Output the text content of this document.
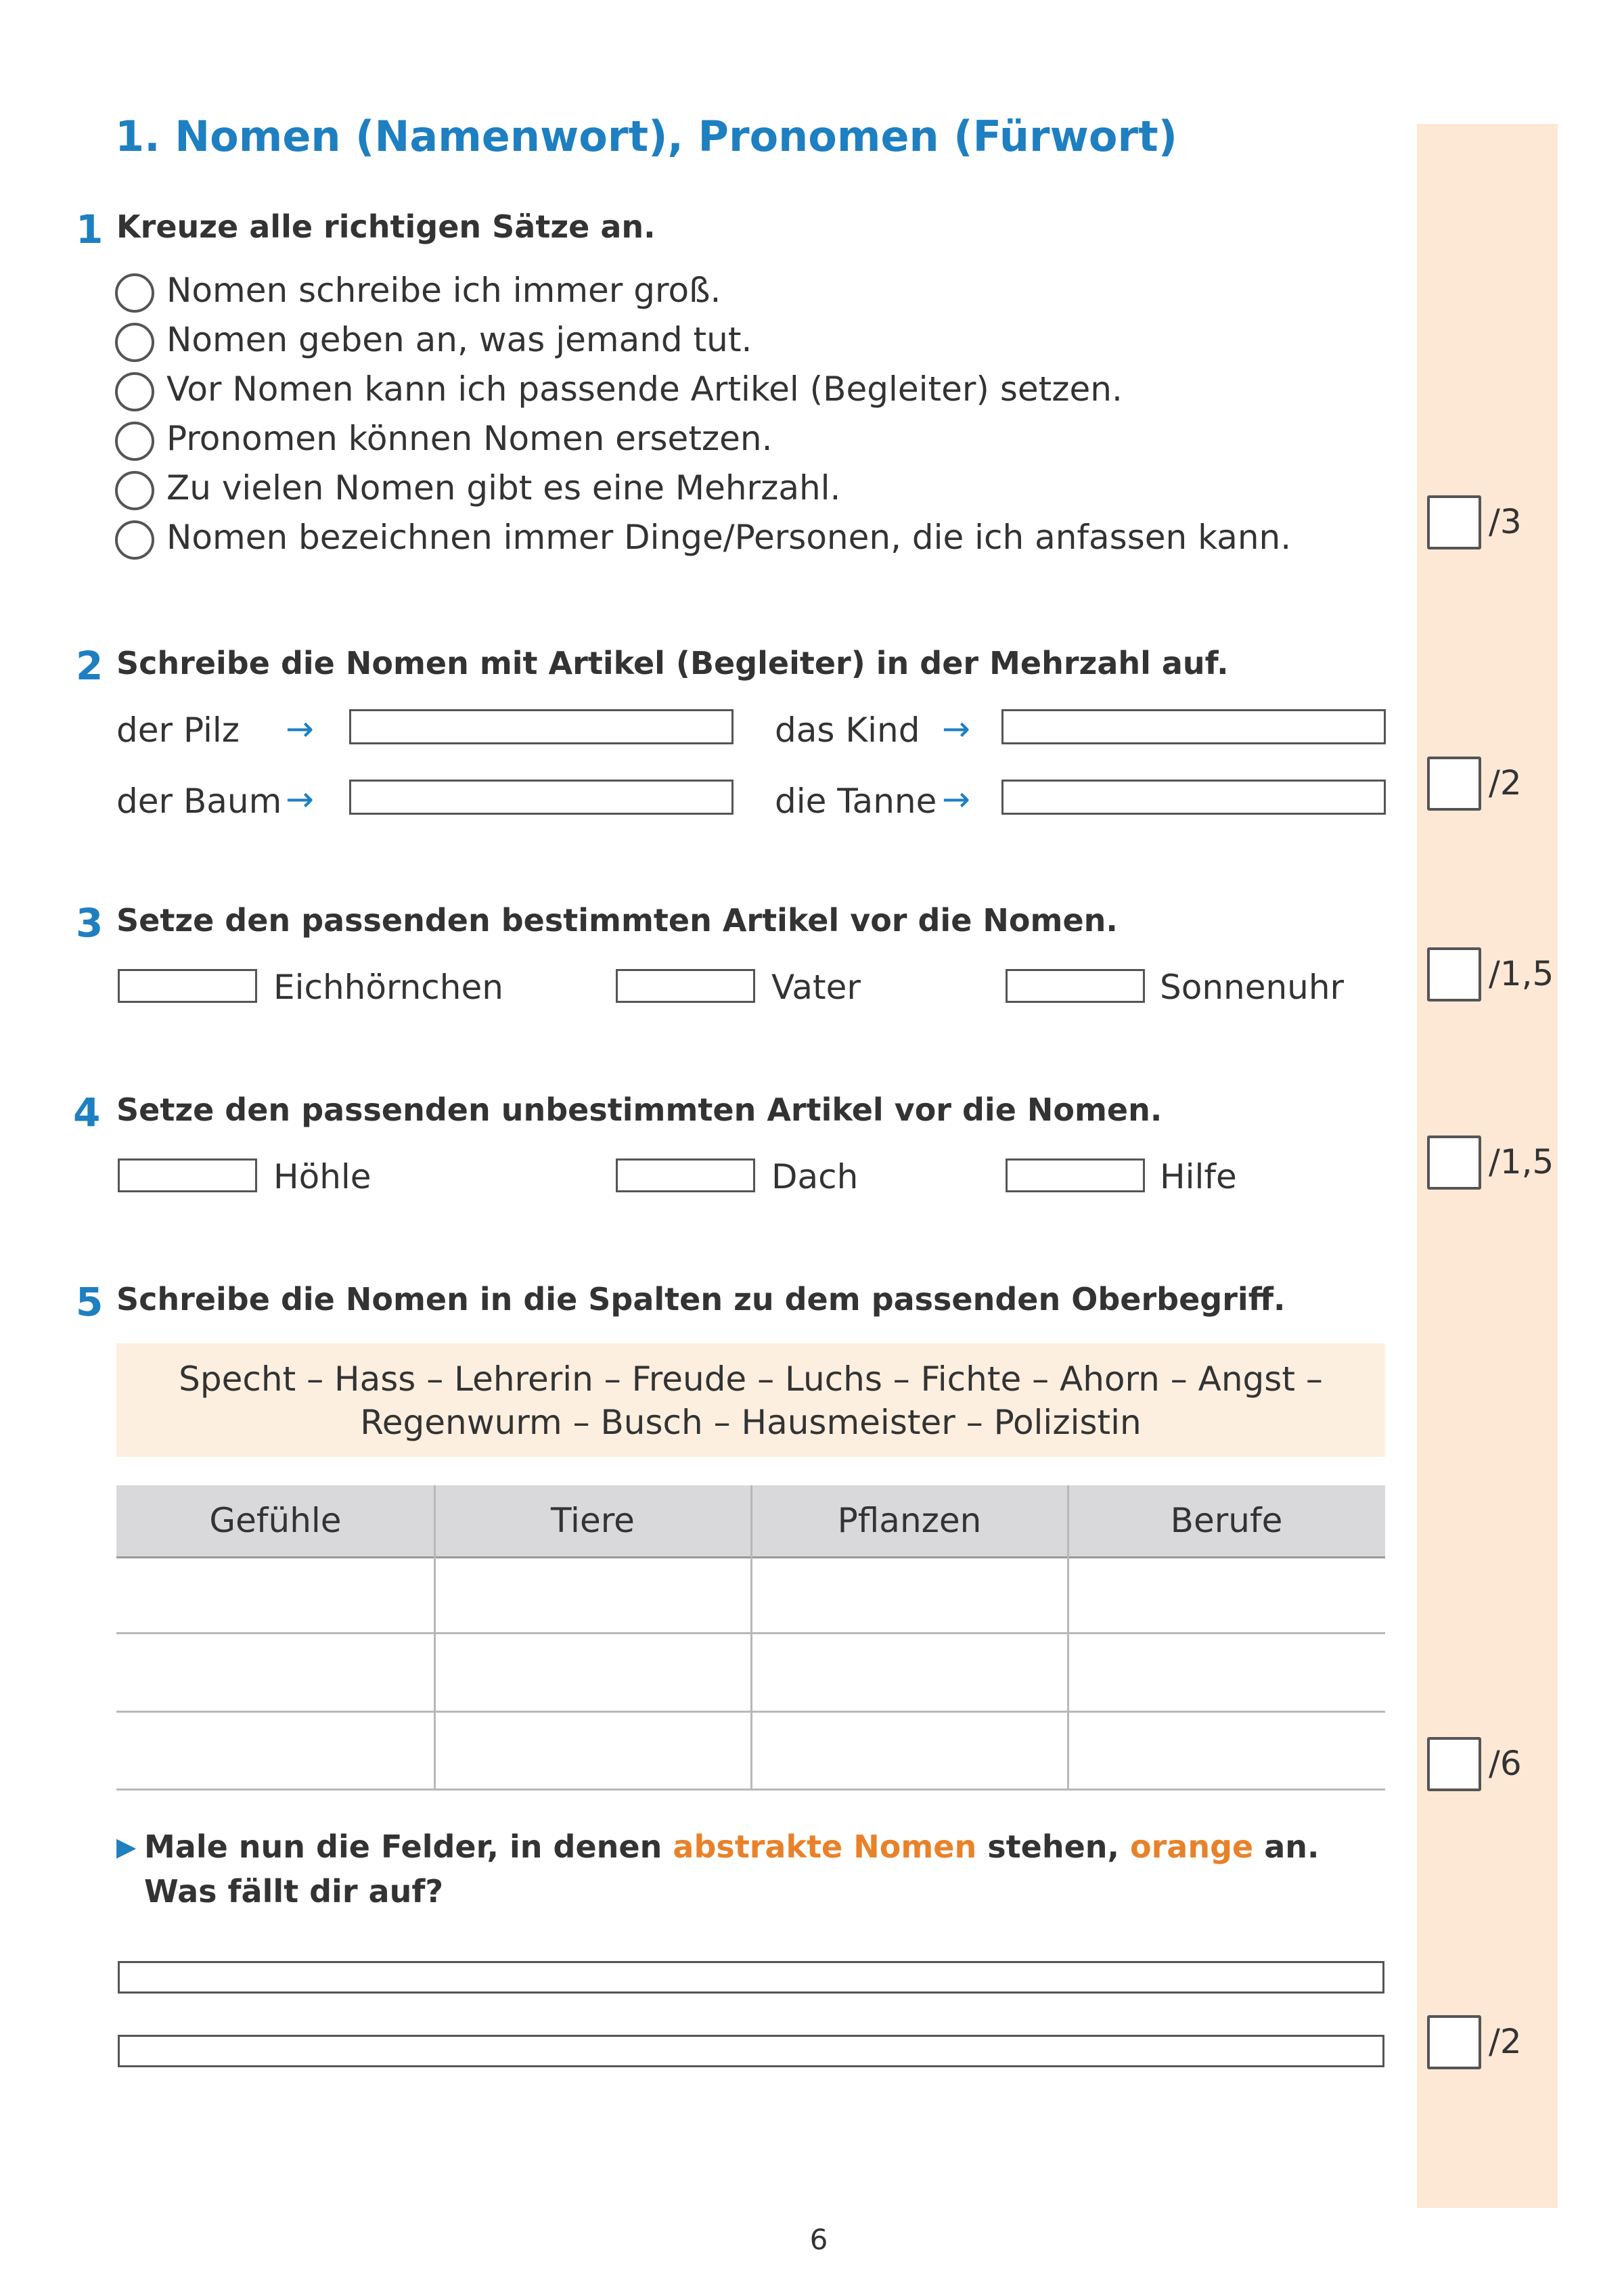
1. Nomen (Namenwort), Pronomen (Fürwort)
1 Kreuze alle richtigen Sätze an.
Nomen schreibe ich immer groß.
Nomen geben an, was jemand tut.
Vor Nomen kann ich passende Artikel (Begleiter) setzen.
Pronomen können Nomen ersetzen.
Zu vielen Nomen gibt es eine Mehrzahl.
Nomen bezeichnen immer Dinge/Personen, die ich anfassen kann.	/3
2 Schreibe die Nomen mit Artikel (Begleiter) in der Mehrzahl auf.
der Pilz →	das Kind →
der Baum →	die Tanne →	/2
3 Setze den passenden bestimmten Artikel vor die Nomen.
Eichhörnchen	Vater	Sonnenuhr	/1,5
4 Setze den passenden unbestimmten Artikel vor die Nomen.
Höhle	Dach	Hilfe	/1,5
5 Schreibe die Nomen in die Spalten zu dem passenden Oberbegriff.
Specht – Hass – Lehrerin – Freude – Luchs – Fichte – Ahorn – Angst –
Regenwurm – Busch – Hausmeister – Polizistin
Gefühle	Tiere	Pflanzen	Berufe
/6
▶ Male nun die Felder, in denen abstrakte Nomen stehen, orange an.
Was fällt dir auf?
/2
6
